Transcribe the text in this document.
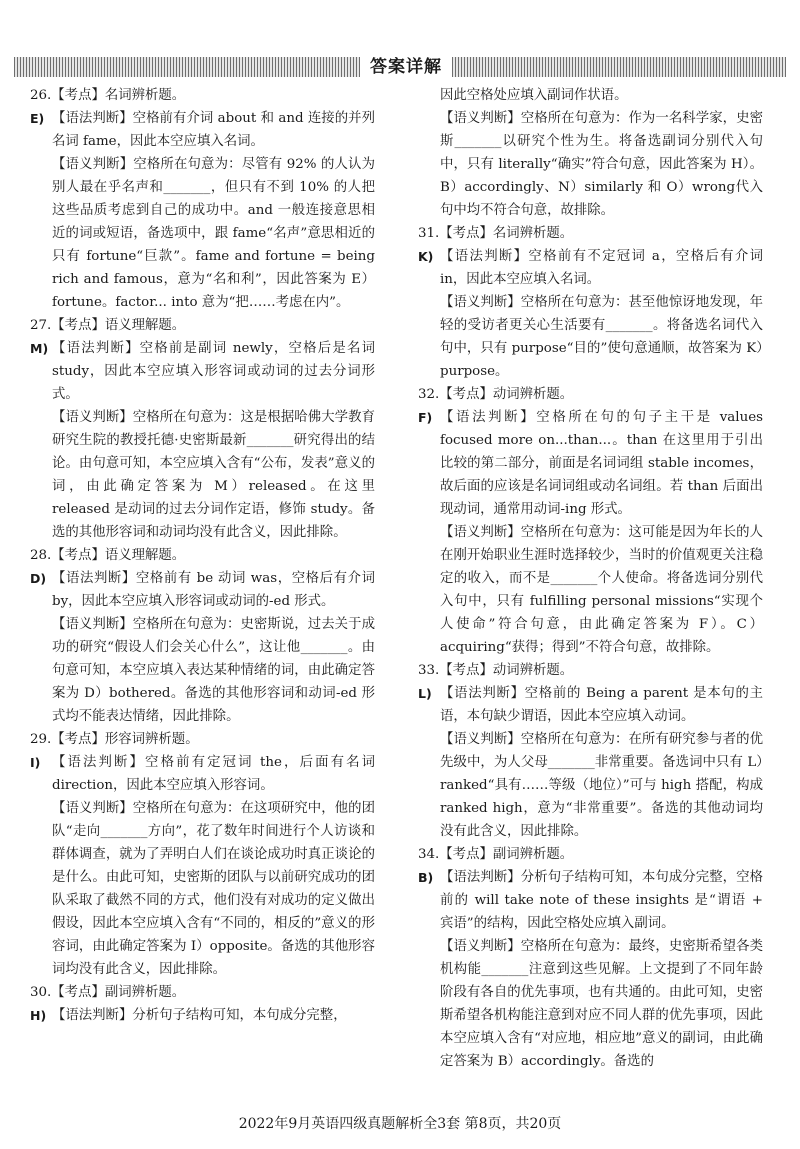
答案详解

26.【考点】名词辨析题。

E) 【语法判断】空格前有介词 about 和 and 连接的并列名词 fame，因此本空应填入名词。

【语义判断】空格所在句意为：尽管有 92% 的人认为别人最在乎名声和_______，但只有不到 10% 的人把这些品质考虑到自己的成功中。and 一般连接意思相近的词或短语，备选项中，跟 fame“名声”意思相近的只有 fortune“巨款”。fame and fortune = being rich and famous，意为“名和利”，因此答案为 E）fortune。factor... into 意为“把……考虑在内”。

27.【考点】语义理解题。

M) 【语法判断】空格前是副词 newly，空格后是名词 study，因此本空应填入形容词或动词的过去分词形式。

【语义判断】空格所在句意为：这是根据哈佛大学教育研究生院的教授托德·史密斯最新_______研究得出的结论。由句意可知，本空应填入含有“公布，发表”意义的词，由此确定答案为 M）released。在这里 released 是动词的过去分词作定语，修饰 study。备选的其他形容词和动词均没有此含义，因此排除。

28.【考点】语义理解题。

D) 【语法判断】空格前有 be 动词 was，空格后有介词 by，因此本空应填入形容词或动词的-ed 形式。

【语义判断】空格所在句意为：史密斯说，过去关于成功的研究“假设人们会关心什么”，这让他_______。由句意可知，本空应填入表达某种情绪的词，由此确定答案为 D）bothered。备选的其他形容词和动词-ed 形式均不能表达情绪，因此排除。

29.【考点】形容词辨析题。

I) 【语法判断】空格前有定冠词 the，后面有名词 direction，因此本空应填入形容词。

【语义判断】空格所在句意为：在这项研究中，他的团队“走向_______方向”，花了数年时间进行个人访谈和群体调查，就为了弄明白人们在谈论成功时真正谈论的是什么。由此可知，史密斯的团队与以前研究成功的团队采取了截然不同的方式，他们没有对成功的定义做出假设，因此本空应填入含有“不同的，相反的”意义的形容词，由此确定答案为 I）opposite。备选的其他形容词均没有此含义，因此排除。

30.【考点】副词辨析题。

H) 【语法判断】分析句子结构可知，本句成分完整，

因此空格处应填入副词作状语。

【语义判断】空格所在句意为：作为一名科学家，史密斯_______以研究个性为生。将备选副词分别代入句中，只有 literally“确实”符合句意，因此答案为 H）。B）accordingly、N）similarly 和 O）wrong代入句中均不符合句意，故排除。

31.【考点】名词辨析题。

K) 【语法判断】空格前有不定冠词 a，空格后有介词 in，因此本空应填入名词。

【语义判断】空格所在句意为：甚至他惊讶地发现，年轻的受访者更关心生活要有_______。将备选名词代入句中，只有 purpose“目的”使句意通顺，故答案为 K）purpose。

32.【考点】动词辨析题。

F) 【语法判断】空格所在句的句子主干是 values focused more on...than...。than 在这里用于引出比较的第二部分，前面是名词词组 stable incomes，故后面的应该是名词词组或动名词组。若 than 后面出现动词，通常用动词-ing 形式。

【语义判断】空格所在句意为：这可能是因为年长的人在刚开始职业生涯时选择较少，当时的价值观更关注稳定的收入，而不是_______个人使命。将备选词分别代入句中，只有 fulfilling personal missions“实现个人使命”符合句意，由此确定答案为 F）。C）acquiring“获得；得到”不符合句意，故排除。

33.【考点】动词辨析题。

L) 【语法判断】空格前的 Being a parent 是本句的主语，本句缺少谓语，因此本空应填入动词。

【语义判断】空格所在句意为：在所有研究参与者的优先级中，为人父母_______非常重要。备选词中只有 L）ranked“具有……等级（地位）”可与 high 搭配，构成 ranked high，意为“非常重要”。备选的其他动词均没有此含义，因此排除。

34.【考点】副词辨析题。

B) 【语法判断】分析句子结构可知，本句成分完整，空格前的 will take note of these insights 是“谓语 + 宾语”的结构，因此空格处应填入副词。

【语义判断】空格所在句意为：最终，史密斯希望各类机构能_______注意到这些见解。上文提到了不同年龄阶段有各自的优先事项，也有共通的。由此可知，史密斯希望各机构能注意到对应不同人群的优先事项，因此本空应填入含有“对应地，相应地”意义的副词，由此确定答案为 B）accordingly。备选的

2022年9月英语四级真题解析全3套 第8页，共20页
